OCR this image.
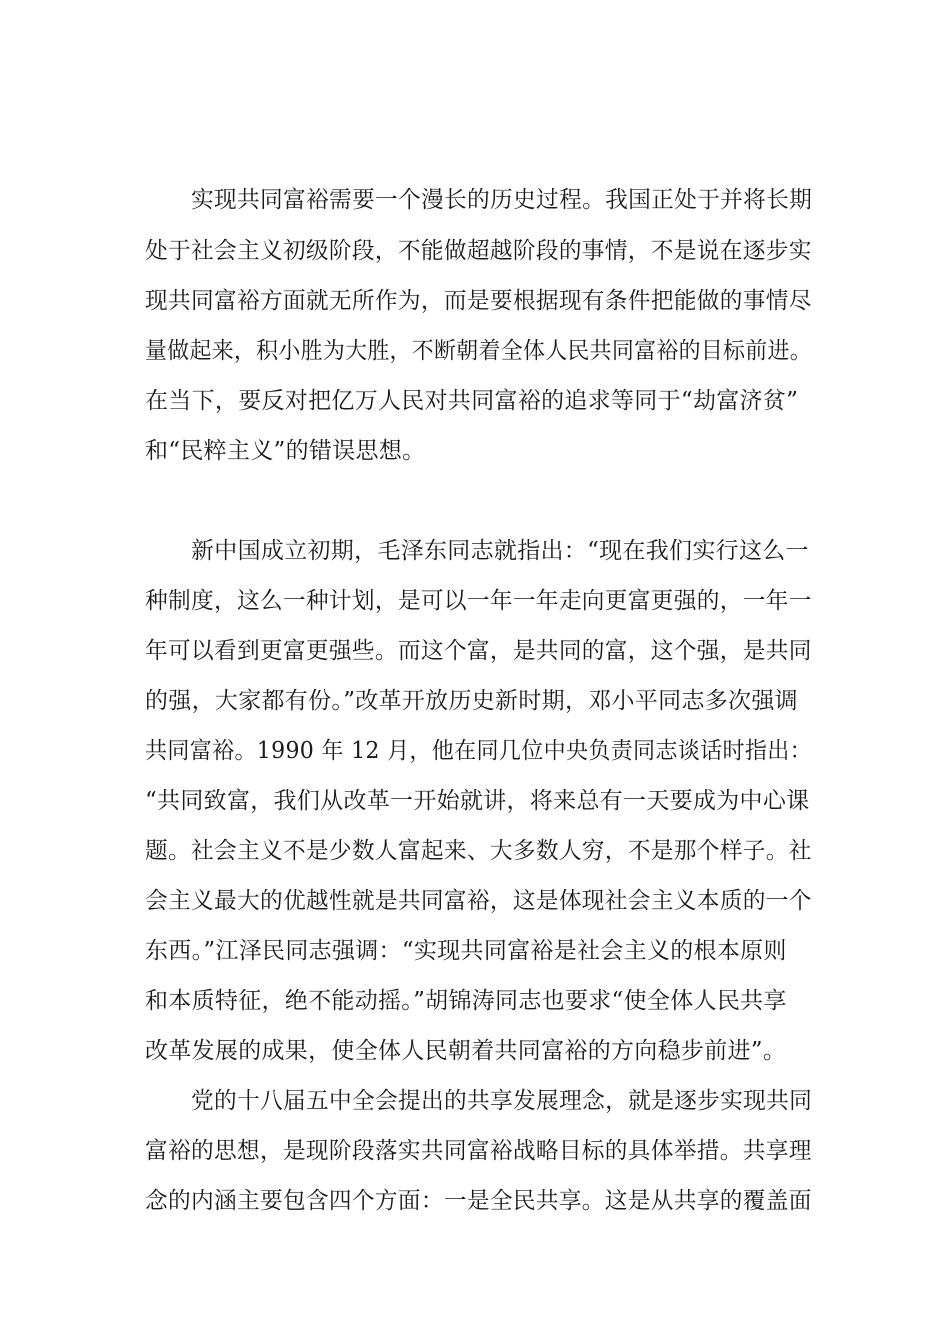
实现共同富裕需要一个漫长的历史过程。我国正处于并将长期
处于社会主义初级阶段，不能做超越阶段的事情，不是说在逐步实
现共同富裕方面就无所作为，而是要根据现有条件把能做的事情尽
量做起来，积小胜为大胜，不断朝着全体人民共同富裕的目标前进。
在当下，要反对把亿万人民对共同富裕的追求等同于“劫富济贫”
和“民粹主义”的错误思想。
新中国成立初期，毛泽东同志就指出：“现在我们实行这么一
种制度，这么一种计划，是可以一年一年走向更富更强的，一年一
年可以看到更富更强些。而这个富，是共同的富，这个强，是共同
的强，大家都有份。”改革开放历史新时期，邓小平同志多次强调
共同富裕。1990 年 12 月，他在同几位中央负责同志谈话时指出：
“共同致富，我们从改革一开始就讲，将来总有一天要成为中心课
题。社会主义不是少数人富起来、大多数人穷，不是那个样子。社
会主义最大的优越性就是共同富裕，这是体现社会主义本质的一个
东西。”江泽民同志强调：“实现共同富裕是社会主义的根本原则
和本质特征，绝不能动摇。”胡锦涛同志也要求“使全体人民共享
改革发展的成果，使全体人民朝着共同富裕的方向稳步前进”。
党的十八届五中全会提出的共享发展理念，就是逐步实现共同
富裕的思想，是现阶段落实共同富裕战略目标的具体举措。共享理
念的内涵主要包含四个方面：一是全民共享。这是从共享的覆盖面
